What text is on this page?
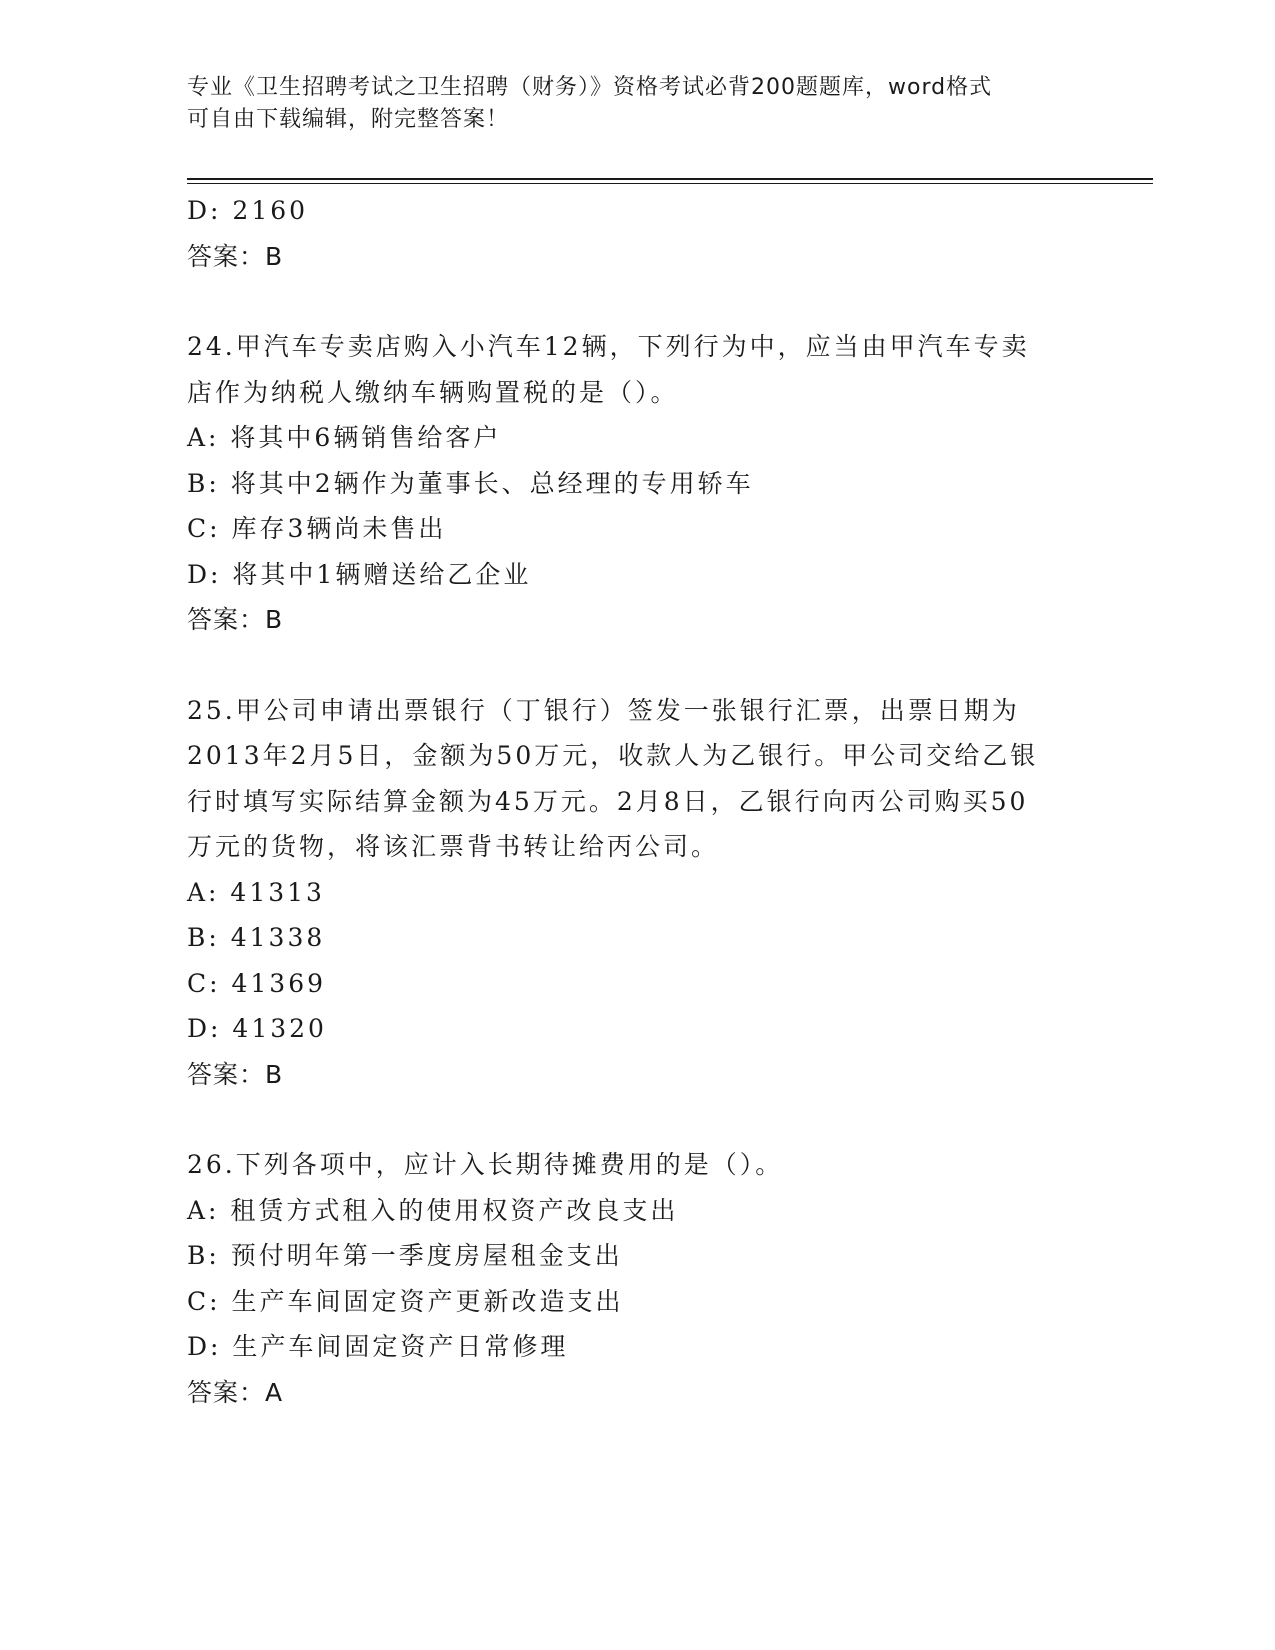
专业《卫生招聘考试之卫生招聘（财务）》资格考试必背200题题库，word格式
可自由下载编辑，附完整答案！
D: 2160
答案：B
24.甲汽车专卖店购入小汽车12辆，下列行为中，应当由甲汽车专卖
店作为纳税人缴纳车辆购置税的是（）。
A: 将其中6辆销售给客户
B: 将其中2辆作为董事长、总经理的专用轿车
C: 库存3辆尚未售出
D: 将其中1辆赠送给乙企业
答案：B
25.甲公司申请出票银行（丁银行）签发一张银行汇票，出票日期为
2013年2月5日，金额为50万元，收款人为乙银行。甲公司交给乙银
行时填写实际结算金额为45万元。2月8日，乙银行向丙公司购买50
万元的货物，将该汇票背书转让给丙公司。
A: 41313
B: 41338
C: 41369
D: 41320
答案：B
26.下列各项中，应计入长期待摊费用的是（）。
A: 租赁方式租入的使用权资产改良支出
B: 预付明年第一季度房屋租金支出
C: 生产车间固定资产更新改造支出
D: 生产车间固定资产日常修理
答案：A
